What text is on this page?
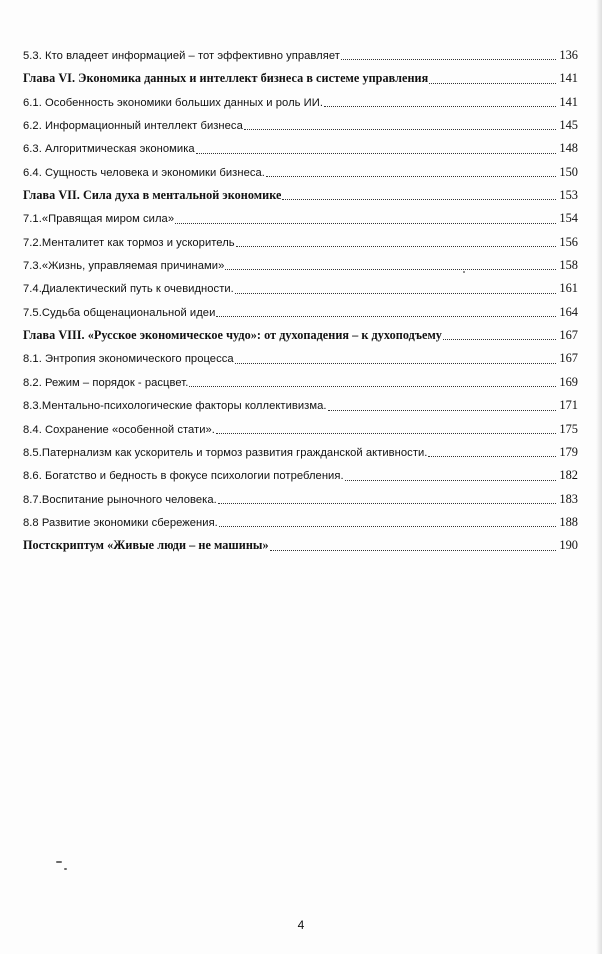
5.3. Кто владеет информацией – тот эффективно управляет	136
Глава VI. Экономика данных и интеллект бизнеса в системе управления	141
6.1. Особенность экономики больших данных и роль ИИ.	141
6.2. Информационный интеллект бизнеса	145
6.3. Алгоритмическая экономика	148
6.4. Сущность человека и экономики бизнеса.	150
Глава VII. Сила духа в ментальной экономике	153
7.1.«Правящая миром сила»	154
7.2.Менталитет как тормоз и ускоритель	156
7.3.«Жизнь, управляемая причинами»	158
7.4.Диалектический путь к очевидности.	161
7.5.Судьба общенациональной идеи	164
Глава VIII. «Русское экономическое чудо»: от духопадения – к духоподъему	167
8.1. Энтропия экономического процесса	167
8.2. Режим – порядок - расцвет.	169
8.3.Ментально-психологические факторы коллективизма.	171
8.4. Сохранение «особенной стати».	175
8.5.Патернализм как ускоритель и тормоз развития гражданской активности.	179
8.6. Богатство и бедность в фокусе психологии потребления.	182
8.7.Воспитание рыночного человека.	183
8.8 Развитие экономики сбережения.	188
Постскриптум «Живые люди – не машины»	190
4
